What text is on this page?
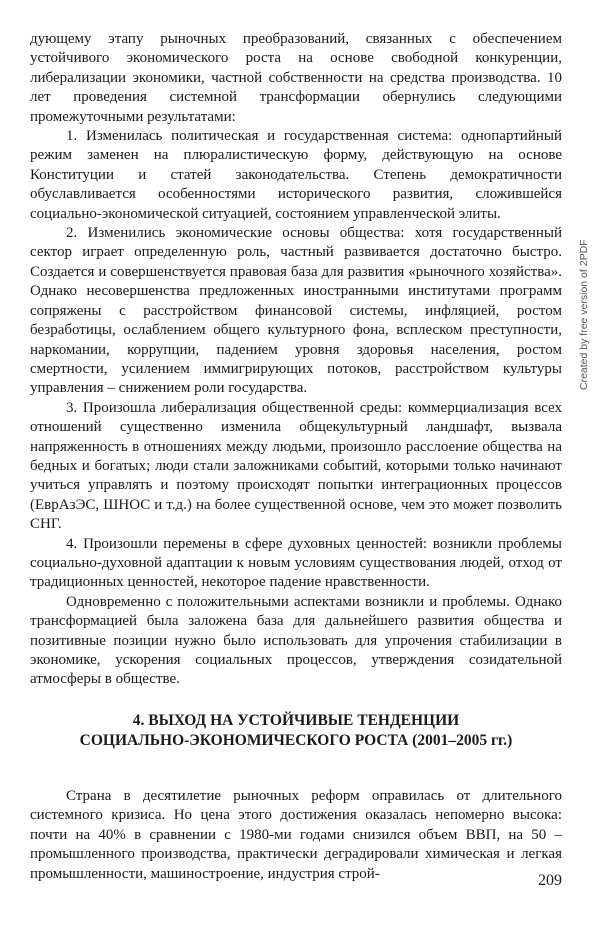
дующему этапу рыночных преобразований, связанных с обеспечением устойчивого экономического роста на основе свободной конкуренции, либерализации экономики, частной собственности на средства производства. 10 лет проведения системной трансформации обернулись следующими промежуточными результатами:

1. Изменилась политическая и государственная система: однопартийный режим заменен на плюралистическую форму, действующую на основе Конституции и статей законодательства. Степень демократичности обуславливается особенностями исторического развития, сложившейся социально-экономической ситуацией, состоянием управленческой элиты.

2. Изменились экономические основы общества: хотя государственный сектор играет определенную роль, частный развивается достаточно быстро. Создается и совершенствуется правовая база для развития «рыночного хозяйства». Однако несовершенства предложенных иностранными институтами программ сопряжены с расстройством финансовой системы, инфляцией, ростом безработицы, ослаблением общего культурного фона, всплеском преступности, наркомании, коррупции, падением уровня здоровья населения, ростом смертности, усилением иммигрирующих потоков, расстройством культуры управления – снижением роли государства.

3. Произошла либерализация общественной среды: коммерциализация всех отношений существенно изменила общекультурный ландшафт, вызвала напряженность в отношениях между людьми, произошло расслоение общества на бедных и богатых; люди стали заложниками событий, которыми только начинают учиться управлять и поэтому происходят попытки интеграционных процессов (ЕврАзЭС, ШНОС и т.д.) на более существенной основе, чем это может позволить СНГ.

4. Произошли перемены в сфере духовных ценностей: возникли проблемы социально-духовной адаптации к новым условиям существования людей, отход от традиционных ценностей, некоторое падение нравственности.

Одновременно с положительными аспектами возникли и проблемы. Однако трансформацией была заложена база для дальнейшего развития общества и позитивные позиции нужно было использовать для упрочения стабилизации в экономике, ускорения социальных процессов, утверждения созидательной атмосферы в обществе.

4. ВЫХОД НА УСТОЙЧИВЫЕ ТЕНДЕНЦИИ
СОЦИАЛЬНО-ЭКОНОМИЧЕСКОГО РОСТА (2001–2005 гг.)

Страна в десятилетие рыночных реформ оправилась от длительного системного кризиса. Но цена этого достижения оказалась непомерно высока: почти на 40% в сравнении с 1980-ми годами снизился объем ВВП, на 50 – промышленного производства, практически деградировали химическая и легкая промышленности, машиностроение, индустрия строй-	209
Created by free version of 2PDF
